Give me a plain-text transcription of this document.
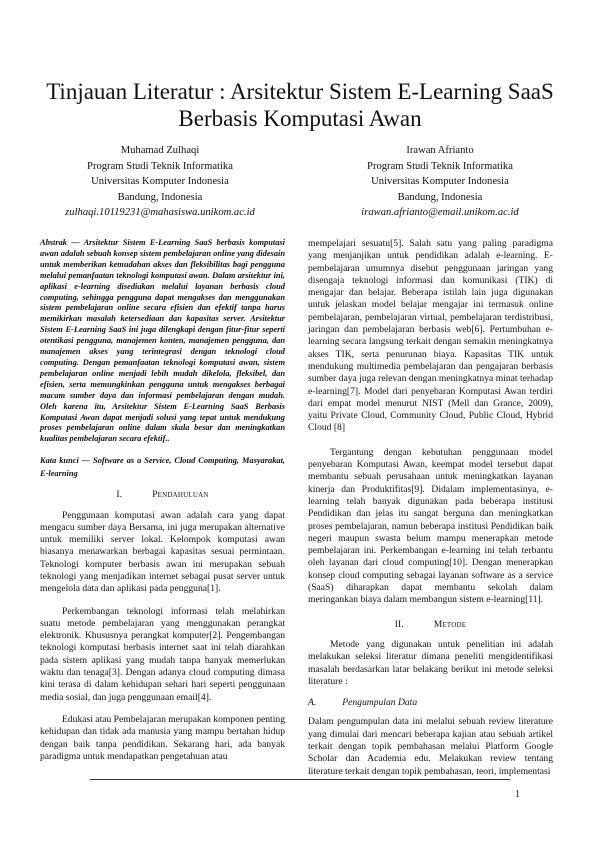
Tinjauan Literatur : Arsitektur Sistem E-Learning SaaS Berbasis Komputasi Awan
Muhamad Zulhaqi
Program Studi Teknik Informatika
Universitas Komputer Indonesia
Bandung, Indonesia
zulhaqi.10119231@mahasiswa.unikom.ac.id
Irawan Afrianto
Program Studi Teknik Informatika
Universitas Komputer Indonesia
Bandung, Indonesia
irawan.afrianto@email.unikom.ac.id
Abstrak — Arsitektur Sistem E-Learning SaaS berbasis komputasi awan adalah sebuah konsep sistem pembelajaran online yang didesain untuk memberikan kemudahan akses dan fleksibilitas bagi pengguna melalui pemanfaatan teknologi komputasi awan. Dalam arsitektur ini, aplikasi e-learning disediakan melalui layanan berbasis cloud computing, sehingga pengguna dapat mengakses dan menggunakan sistem pembelajaran online secara efisien dan efektif tanpa harus memikirkan masalah ketersediaan dan kapasitas server. Arsitektur Sistem E-Learning SaaS ini juga dilengkapi dengan fitur-fitur seperti otentikasi pengguna, manajemen konten, manajemen pengguna, dan manajemen akses yang terintegrasi dengan teknologi cloud computing. Dengan pemanfaatan teknologi komputasi awan, sistem pembelajaran online menjadi lebih mudah dikelola, fleksibel, dan efisien, serta memungkinkan pengguna untuk mengakses berbagai macam sumber daya dan informasi pembelajaran dengan mudah. Oleh karena itu, Arsitektur Sistem E-Learning SaaS Berbasis Komputasi Awan dapat menjadi solusi yang tepat untuk mendukung proses pembelajaran online dalam skala besar dan meningkatkan kualitas pembelajaran secara efektif..
Kata kunci — Software as a Service, Cloud Computing, Masyarakat, E-learning
I.	Pendahuluan

Penggunaan komputasi awan adalah cara yang dapat mengacu sumber daya Bersama, ini juga merupakan alternative untuk memiliki server lokal. Kelompok komputasi awan biasanya menawarkan berbagai kapasitas sesuai permintaan. Teknologi komputer berbasis awan ini merupakan sebuah teknologi yang menjadikan internet sebagai pusat server untuk mengelola data dan aplikasi pada pengguna[1].

Perkembangan teknologi informasi telah melahirkan suatu metode pembelajaran yang menggunakan perangkat elektronik. Khususnya perangkat komputer[2]. Pengembangan teknologi komputasi berbasis internet saat ini telah diarahkan pada sistem aplikasi yang mudah tanpa banyak memerlukan waktu dan tenaga[3]. Dengan adanya cloud computing dimasa kini terasa di dalam kehidupan sehari hari seperti penggunaan media sosial, dan juga penggunaan email[4].

Edukasi atau Pembelajaran merupakan komponen penting kehidupan dan tidak ada manusia yang mampu bertahan hidup dengan baik tanpa pendidikan. Sekarang hari, ada banyak paradigma untuk mendapatkan pengetahuan atau

mempelajari sesuatu[5]. Salah satu yang paling paradigma yang menjanjikan untuk pendidikan adalah e-learning. E-pembelajaran umumnya disebut penggunaan jaringan yang disengaja teknologi informasi dan komunikasi (TIK) di mengajar dan belajar. Beberapa istilah lain juga digunakan untuk jelaskan model belajar mengajar ini termasuk online pembelajaran, pembelajaran virtual, pembelajaran terdistribusi, jaringan dan pembelajaran berbasis web[6]. Pertumbuhan e-learning secara langsung terkait dengan semakin meningkatnya akses TIK, serta penurunan biaya. Kapasitas TIK untuk mendukung multimedia pembelajaran dan pengajaran berbasis sumber daya juga relevan dengan meningkatnya minat terhadap e-learning[7]. Model dari penyebaran Komputasi Awan terdiri dari empat model menurut NIST (Mell dan Grance, 2009), yaitu Private Cloud, Community Cloud, Public Cloud, Hybrid Cloud [8]

Tergantung dengan kebutuhan penggunaan model penyebaran Komputasi Awan, keempat model tersebut dapat membantu sebuah perusahaan untuk meningkatkan layanan kinerja dan Produktifitas[9]. Didalam implementasinya, e-learning telah banyak digunakan pada beberapa institusi Pendidikan dan jelas itu sangat berguna dan meningkatkan proses pembelajaran, namun beberapa institusi Pendidikan baik negeri maupun swasta belum mampu menerapkan metode pembelajaran ini. Perkembangan e-learning ini telah terbantu oleh layanan dari cloud computing[10]. Dengan menerapkan konsep cloud computing sebagai layanan software as a service (SaaS) diharapkan dapat membantu sekolah dalam meringankan biaya dalam membangun sistem e-learning[11].

II.	Metode

Metode yang digunakan untuk penelitian ini adalah melakukan seleksi literatur dimana peneliti mengidentifikasi masalah berdasarkan latar belakang berikut ini metode seleksi literature :

A.	Pengumpulan Data
Dalam pengumpulan data ini melalui sebuah review literature yang dimulai dari mencari beberapa kajian atau sebuah artikel terkait dengan topik pembahasan melalui Platform Google Scholar dan Academia edu. Melakukan review tentang literature terkait dengan topik pembahasan, teori, implementasi
1
